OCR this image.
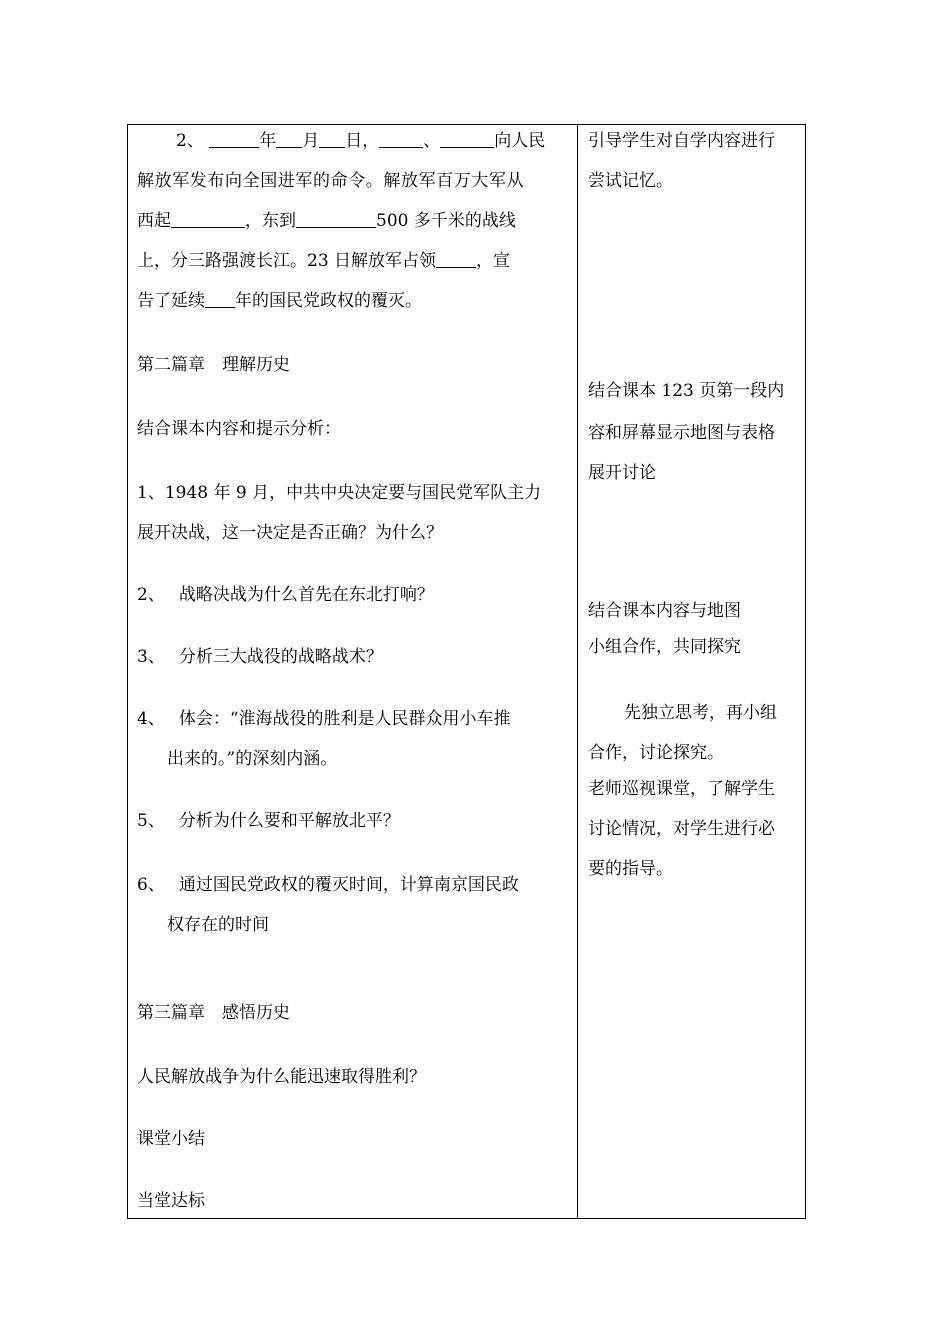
2、	年 月 日，	、	向人民

解放军发布向全国进军的命令。解放军百万大军从

西起	，东到	500 多千米的战线

上，分三路强渡长江。23 日解放军占领 ，宣

告了延续 年的国民党政权的覆灭。

第二篇章　理解历史

结合课本内容和提示分析：

1、1948 年 9 月，中共中央决定要与国民党军队主力

展开决战，这一决定是否正确？为什么？

2、 战略决战为什么首先在东北打响？

3、 分析三大战役的战略战术？

4、 体会：“淮海战役的胜利是人民群众用小车推

出来的。”的深刻内涵。

5、 分析为什么要和平解放北平？

6、 通过国民党政权的覆灭时间，计算南京国民政

权存在的时间

第三篇章　感悟历史

人民解放战争为什么能迅速取得胜利？

课堂小结

当堂达标

引导学生对自学内容进行

尝试记忆。

结合课本 123 页第一段内

容和屏幕显示地图与表格

展开讨论

结合课本内容与地图

小组合作，共同探究

先独立思考，再小组

合作，讨论探究。

老师巡视课堂，了解学生

讨论情况，对学生进行必

要的指导。
